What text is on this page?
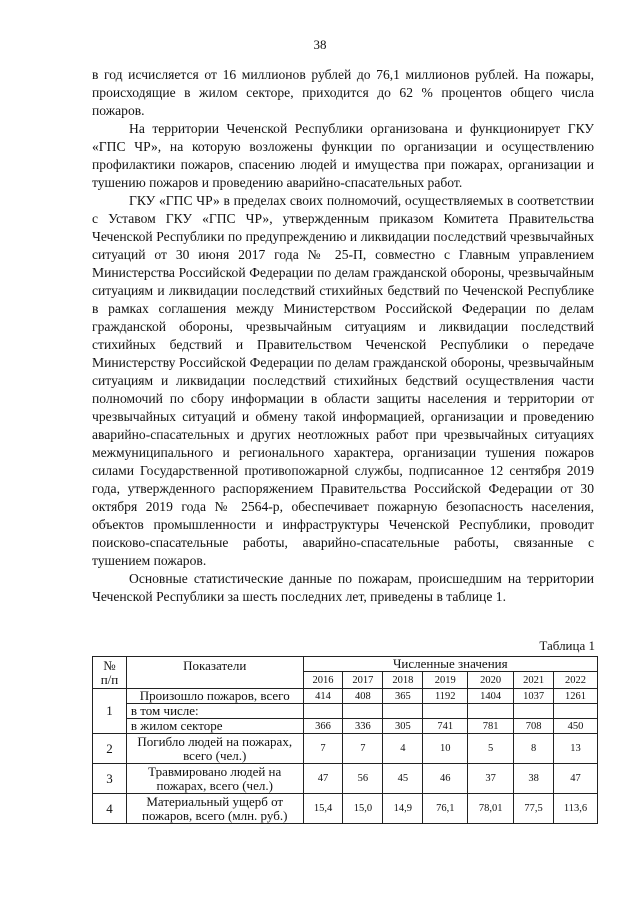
38

в год исчисляется от 16 миллионов рублей до 76,1 миллионов рублей. На пожары, происходящие в жилом секторе, приходится до 62 % процентов общего числа пожаров.

На территории Чеченской Республики организована и функционирует ГКУ «ГПС ЧР», на которую возложены функции по организации и осуществлению профилактики пожаров, спасению людей и имущества при пожарах, организации и тушению пожаров и проведению аварийно-спасательных работ.

ГКУ «ГПС ЧР» в пределах своих полномочий, осуществляемых в соответствии с Уставом ГКУ «ГПС ЧР», утвержденным приказом Комитета Правительства Чеченской Республики по предупреждению и ликвидации последствий чрезвычайных ситуаций от 30 июня 2017 года № 25-П, совместно с Главным управлением Министерства Российской Федерации по делам гражданской обороны, чрезвычайным ситуациям и ликвидации последствий стихийных бедствий по Чеченской Республике в рамках соглашения между Министерством Российской Федерации по делам гражданской обороны, чрезвычайным ситуациям и ликвидации последствий стихийных бедствий и Правительством Чеченской Республики о передаче Министерству Российской Федерации по делам гражданской обороны, чрезвычайным ситуациям и ликвидации последствий стихийных бедствий осуществления части полномочий по сбору информации в области защиты населения и территории от чрезвычайных ситуаций и обмену такой информацией, организации и проведению аварийно-спасательных и других неотложных работ при чрезвычайных ситуациях межмуниципального и регионального характера, организации тушения пожаров силами Государственной противопожарной службы, подписанное 12 сентября 2019 года, утвержденного распоряжением Правительства Российской Федерации от 30 октября 2019 года № 2564-р, обеспечивает пожарную безопасность населения, объектов промышленности и инфраструктуры Чеченской Республики, проводит поисково-спасательные работы, аварийно-спасательные работы, связанные с тушением пожаров.

Основные статистические данные по пожарам, происшедшим на территории Чеченской Республики за шесть последних лет, приведены в таблице 1.

Таблица 1
№
п/п	Показатели	Численные значения						
		2016	2017	2018	2019	2020	2021	2022
1	Произошло пожаров, всего	414	408	365	1192	1404	1037	1261
	в том числе:							
	в жилом секторе	366	336	305	741	781	708	450
2	Погибло людей на пожарах, всего (чел.)	7	7	4	10	5	8	13
3	Травмировано людей на пожарах, всего (чел.)	47	56	45	46	37	38	47
4	Материальный ущерб от пожаров, всего (млн. руб.)	15,4	15,0	14,9	76,1	78,01	77,5	113,6
